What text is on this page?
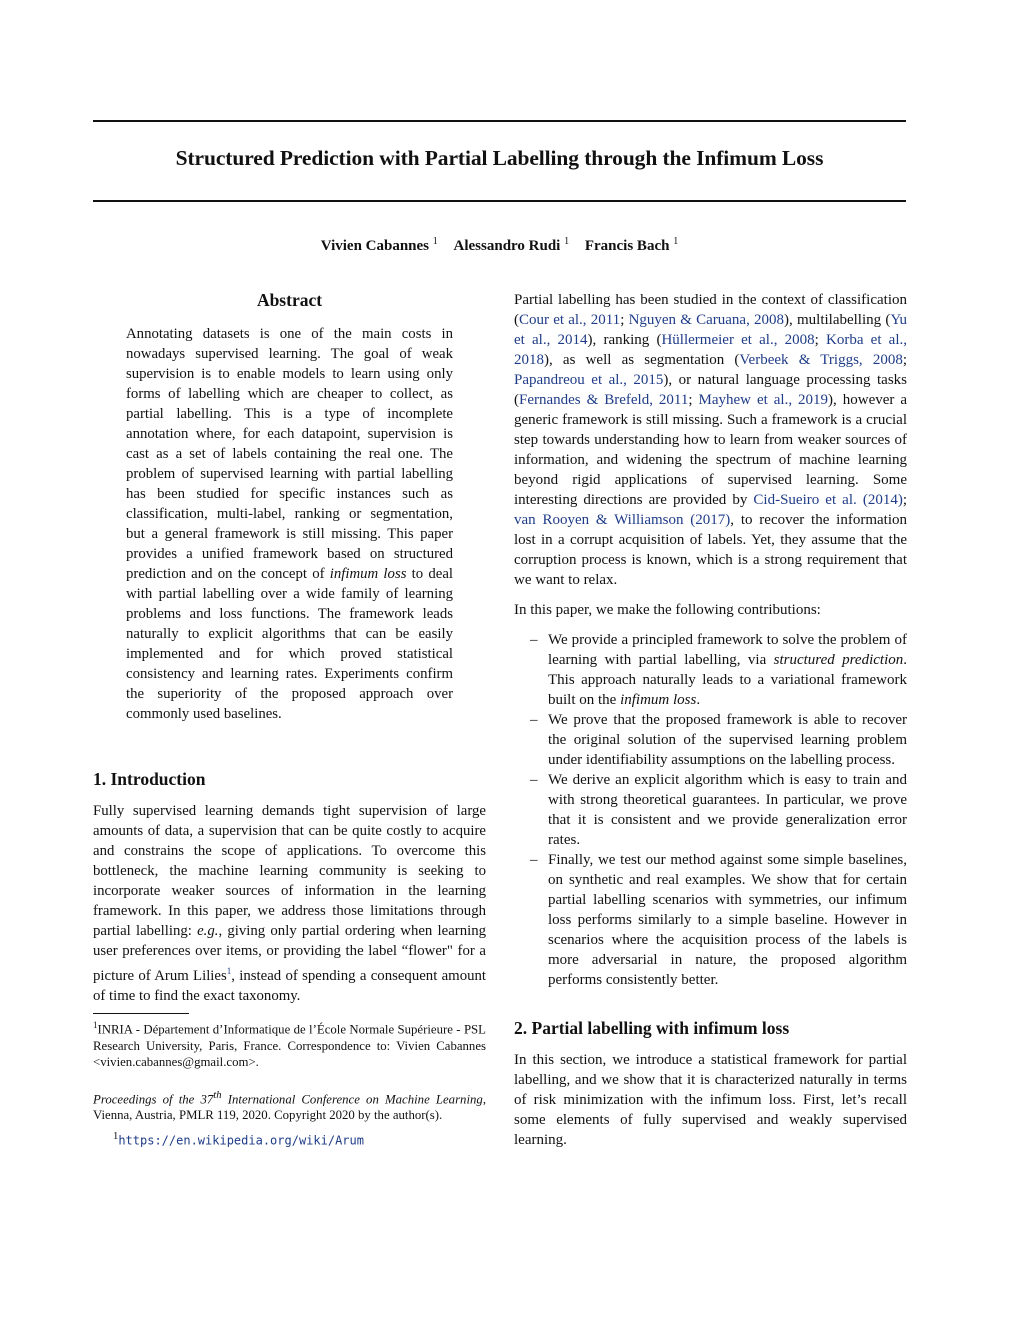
Structured Prediction with Partial Labelling through the Infimum Loss
Vivien Cabannes $^1$ Alessandro Rudi $^1$ Francis Bach $^1$
Abstract

Annotating datasets is one of the main costs in nowadays supervised learning. The goal of weak supervision is to enable models to learn using only forms of labelling which are cheaper to collect, as partial labelling. This is a type of incomplete annotation where, for each datapoint, supervision is cast as a set of labels containing the real one. The problem of supervised learning with partial labelling has been studied for specific instances such as classification, multi-label, ranking or segmentation, but a general framework is still missing. This paper provides a unified framework based on structured prediction and on the concept of infimum loss to deal with partial labelling over a wide family of learning problems and loss functions. The framework leads naturally to explicit algorithms that can be easily implemented and for which proved statistical consistency and learning rates. Experiments confirm the superiority of the proposed approach over commonly used baselines.

1. Introduction

Fully supervised learning demands tight supervision of large amounts of data, a supervision that can be quite costly to acquire and constrains the scope of applications. To overcome this bottleneck, the machine learning community is seeking to incorporate weaker sources of information in the learning framework. In this paper, we address those limitations through partial labelling: e.g., giving only partial ordering when learning user preferences over items, or providing the label “flower" for a picture of Arum Lilies$^1$, instead of spending a consequent amount of time to find the exact taxonomy.

$^1$INRIA - Département d’Informatique de l’École Normale Supérieure - PSL Research University, Paris, France. Correspondence to: Vivien Cabannes <vivien.cabannes@gmail.com>.

Proceedings of the 37th International Conference on Machine Learning, Vienna, Austria, PMLR 119, 2020. Copyright 2020 by the author(s).

$^1$https://en.wikipedia.org/wiki/Arum

Partial labelling has been studied in the context of classification (Cour et al., 2011; Nguyen & Caruana, 2008), multilabelling (Yu et al., 2014), ranking (Hüllermeier et al., 2008; Korba et al., 2018), as well as segmentation (Verbeek & Triggs, 2008; Papandreou et al., 2015), or natural language processing tasks (Fernandes & Brefeld, 2011; Mayhew et al., 2019), however a generic framework is still missing. Such a framework is a crucial step towards understanding how to learn from weaker sources of information, and widening the spectrum of machine learning beyond rigid applications of supervised learning. Some interesting directions are provided by Cid-Sueiro et al. (2014); van Rooyen & Williamson (2017), to recover the information lost in a corrupt acquisition of labels. Yet, they assume that the corruption process is known, which is a strong requirement that we want to relax.

In this paper, we make the following contributions:

– We provide a principled framework to solve the problem of learning with partial labelling, via structured prediction. This approach naturally leads to a variational framework built on the infimum loss.
– We prove that the proposed framework is able to recover the original solution of the supervised learning problem under identifiability assumptions on the labelling process.
– We derive an explicit algorithm which is easy to train and with strong theoretical guarantees. In particular, we prove that it is consistent and we provide generalization error rates.
– Finally, we test our method against some simple baselines, on synthetic and real examples. We show that for certain partial labelling scenarios with symmetries, our infimum loss performs similarly to a simple baseline. However in scenarios where the acquisition process of the labels is more adversarial in nature, the proposed algorithm performs consistently better.
2. Partial labelling with infimum loss

In this section, we introduce a statistical framework for partial labelling, and we show that it is characterized naturally in terms of risk minimization with the infimum loss. First, let’s recall some elements of fully supervised and weakly supervised learning.
